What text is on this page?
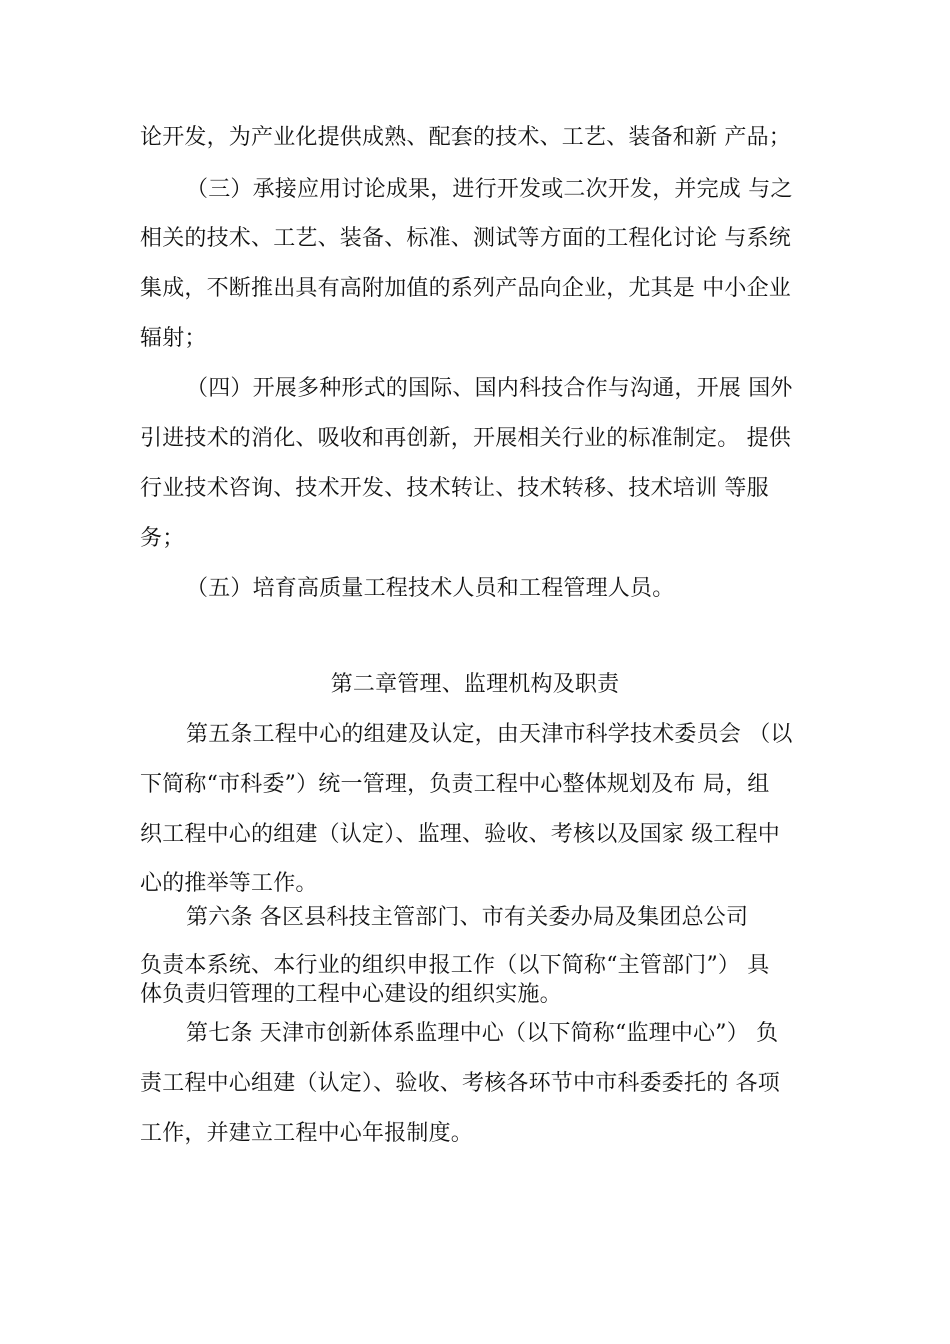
论开发，为产业化提供成熟、配套的技术、工艺、装备和新 产品；
（三）承接应用讨论成果，进行开发或二次开发，并完成 与之
相关的技术、工艺、装备、标准、测试等方面的工程化讨论 与系统
集成，不断推出具有高附加值的系列产品向企业，尤其是 中小企业
辐射；
（四）开展多种形式的国际、国内科技合作与沟通，开展 国外
引进技术的消化、吸收和再创新，开展相关行业的标准制定。 提供
行业技术咨询、技术开发、技术转让、技术转移、技术培训 等服
务；
（五）培育高质量工程技术人员和工程管理人员。
第二章管理、监理机构及职责
第五条工程中心的组建及认定，由天津市科学技术委员会 （以
下简称“市科委”）统一管理，负责工程中心整体规划及布 局，组
织工程中心的组建（认定）、监理、验收、考核以及国家 级工程中
心的推举等工作。
第六条 各区县科技主管部门、市有关委办局及集团总公司
负责本系统、本行业的组织申报工作（以下简称“主管部门”） 具
体负责归管理的工程中心建设的组织实施。
第七条 天津市创新体系监理中心（以下简称“监理中心”） 负
责工程中心组建（认定）、验收、考核各环节中市科委委托的 各项
工作，并建立工程中心年报制度。
